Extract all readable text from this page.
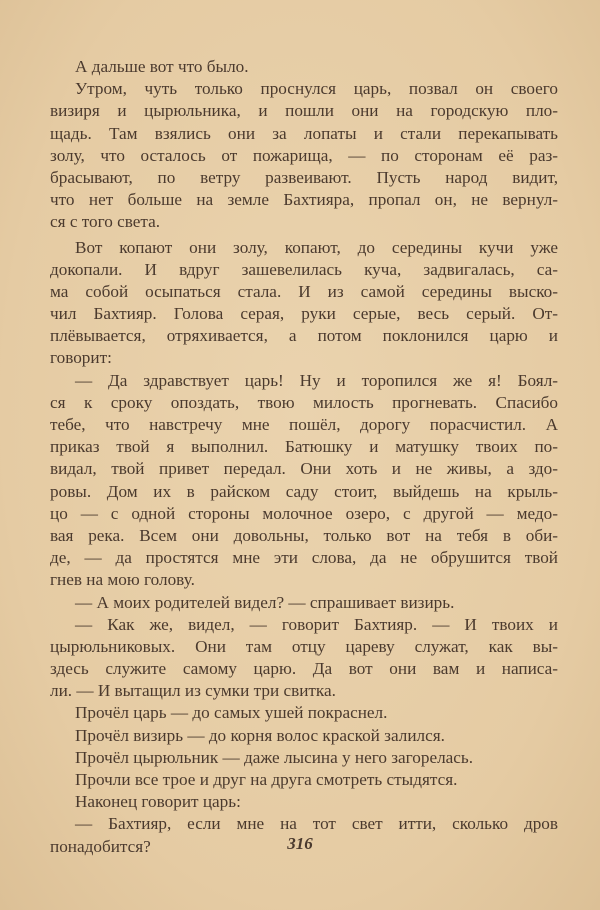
А дальше вот что было.
Утром, чуть только проснулся царь, позвал он своего
визиря и цырюльника, и пошли они на городскую пло-
щадь. Там взялись они за лопаты и стали перекапывать
золу, что осталось от пожарища, — по сторонам её раз-
брасывают, по ветру развеивают. Пусть народ видит,
что нет больше на земле Бахтияра, пропал он, не вернул-
ся с того света.
Вот копают они золу, копают, до середины кучи уже
докопали. И вдруг зашевелилась куча, задвигалась, са-
ма собой осыпаться стала. И из самой середины выско-
чил Бахтияр. Голова серая, руки серые, весь серый. От-
плёвывается, отряхивается, а потом поклонился царю и
говорит:
— Да здравствует царь! Ну и торопился же я! Боял-
ся к сроку опоздать, твою милость прогневать. Спасибо
тебе, что навстречу мне пошёл, дорогу порасчистил. А
приказ твой я выполнил. Батюшку и матушку твоих по-
видал, твой привет передал. Они хоть и не живы, а здо-
ровы. Дом их в райском саду стоит, выйдешь на крыль-
цо — с одной стороны молочное озеро, с другой — медо-
вая река. Всем они довольны, только вот на тебя в оби-
де, — да простятся мне эти слова, да не обрушится твой
гнев на мою голову.
— А моих родителей видел? — спрашивает визирь.
— Как же, видел, — говорит Бахтияр. — И твоих и
цырюльниковых. Они там отцу цареву служат, как вы-
здесь служите самому царю. Да вот они вам и написа-
ли. — И вытащил из сумки три свитка.
Прочёл царь — до самых ушей покраснел.
Прочёл визирь — до корня волос краской залился.
Прочёл цырюльник — даже лысина у него загорелась.
Прочли все трое и друг на друга смотреть стыдятся.
Наконец говорит царь:
— Бахтияр, если мне на тот свет итти, сколько дров
понадобится?	316
